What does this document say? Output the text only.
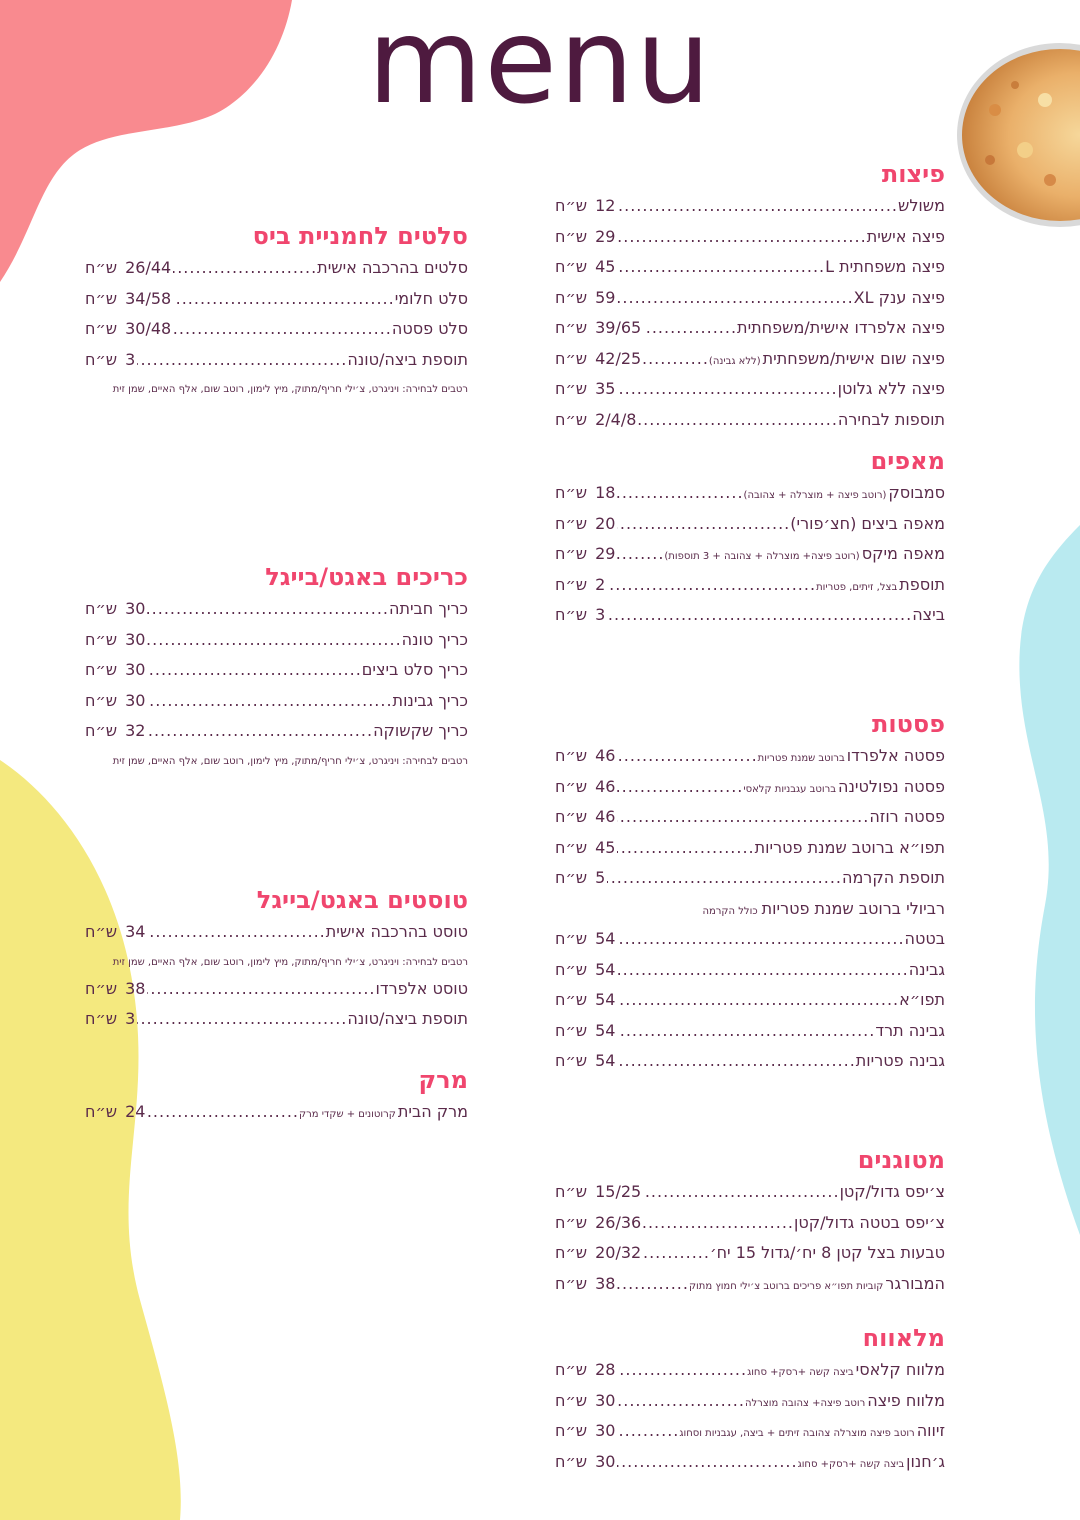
menu
פיצות
משולש
.....
12
ש״ח
פיצה אישית
.....
29
ש״ח
פיצה משפחתית L
.....
45
ש״ח
פיצה ענק XL
.....
59
ש״ח
פיצה אלפרדו אישית/משפחתית
.....
39/65
ש״ח
פיצה שום אישית/משפחתית
(ללא גבינה)
.....
42/25
ש״ח
פיצה ללא גלוטן
.....
35
ש״ח
תוספות לבחירה
.....
2/4/8
ש״ח
מאפים
סמבוסק
(רוטב פיצה + מוצרלה + צהובה)
.....
18
ש״ח
מאפה ביצים (חצ׳פורי)
.....
20
ש״ח
מאפה מיקס
(רוטב פיצה+ מוצרלה + צהובה + 3 תוספות)
.....
29
ש״ח
תוספת
בצל, זיתים, פטריות
.....
2
ש״ח
ביצה
.....
3
ש״ח
פסטות
פסטה אלפרדו
ברוטב שמנת פטריות
.....
46
ש״ח
פסטה נפולטינה
ברוטב עגבניות קלאסי
.....
46
ש״ח
פסטה רוזה
.....
46
ש״ח
תפו״א ברוטב שמנת פטריות
.....
45
ש״ח
תוספת הקרמה
.....
5
ש״ח
רביולי ברוטב שמנת פטריותכולל הקרמה
בטטה
.....
54
ש״ח
גבינה
.....
54
ש״ח
תפו״א
.....
54
ש״ח
גבינה תרד
.....
54
ש״ח
גבינה פטריות
.....
54
ש״ח
מטוגנים
צ׳יפס גדול/קטן
.....
15/25
ש״ח
צ׳יפס בטטה גדול/קטן
.....
26/36
ש״ח
טבעות בצל קטן 8 יח׳/גדול 15 יח׳
.....
20/32
ש״ח
המבורגר
קוביות תפו״א פריכים ברוטב צ׳ילי חמוץ מתוק
.....
38
ש״ח
מלאווח
מלווח קלאסי
ביצה קשה +רסק+ סחוג
.....
28
ש״ח
מלווח פיצה
רוטב פיצה+ צהובה מוצרלה
.....
30
ש״ח
זיווה
רוטב פיצה מוצרלה צהובה זיתים + ביצה, עגבניות וסחוג
.....
30
ש״ח
ג׳חנון
ביצה קשה +רסק+ סחוג
.....
30
ש״ח
סלטים לחמניית ביס
סלטים בהרכבה אישית
.....
26/44
ש״ח
סלט חלומי
.....
34/58
ש״ח
סלט פסטה
.....
30/48
ש״ח
תוספת ביצה/טונה
.....
3
ש״ח
רטבים לבחירה: ויניגרט, צ׳ילי חריף/מתוק, מיץ לימון, רוטב שום, אלף האיים, שמן זית
כריכים באגט/בייגל
כריך חביתה
.....
30
ש״ח
כריך טונה
.....
30
ש״ח
כריך סלט ביצים
.....
30
ש״ח
כריך גבינות
.....
30
ש״ח
כריך שקשוקה
.....
32
ש״ח
רטבים לבחירה: ויניגרט, צ׳ילי חריף/מתוק, מיץ לימון, רוטב שום, אלף האיים, שמן זית
טוסטים באגט/בייגל
טוסט בהרכבה אישית
.....
34
ש״ח
רטבים לבחירה: ויניגרט, צ׳ילי חריף/מתוק, מיץ לימון, רוטב שום, אלף האיים, שמן זית
טוסט אלפרדו
.....
38
ש״ח
תוספת ביצה/טונה
.....
3
ש״ח
מרק
מרק הבית
קרוטונים + שקדי מרק
.....
24
ש״ח
